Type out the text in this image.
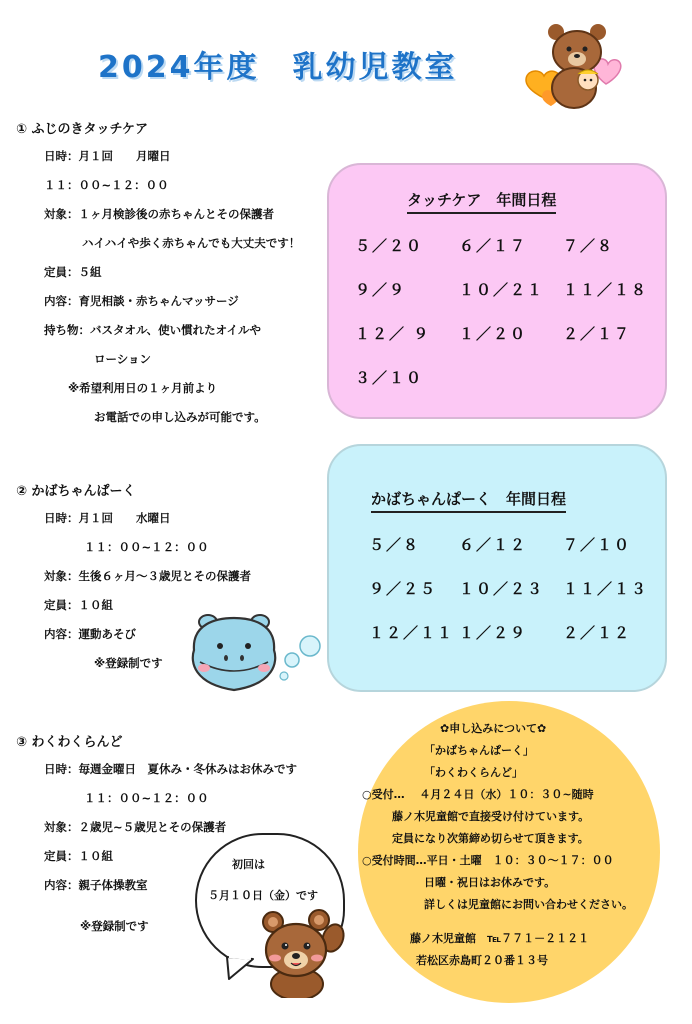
2024年度　乳幼児教室
① ふじのきタッチケア
日時：月１回　　月曜日
１１：００~１２：００
対象：１ヶ月検診後の赤ちゃんとその保護者
ハイハイや歩く赤ちゃんでも大丈夫です！
定員：５組
内容：育児相談・赤ちゃんマッサージ
持ち物：バスタオル、使い慣れたオイルや
ローション
※希望利用日の１ヶ月前より
お電話での申し込みが可能です。
タッチケア　年間日程
５／２０	６／１７	７／８
９／９	１０／２１	１１／１８
１２／ ９	１／２０	２／１７
３／１０
② かばちゃんぱーく
日時：月１回　　水曜日
１１：００~１２：００
対象：生後６ヶ月～３歳児とその保護者
定員：１０組
内容：運動あそび
※登録制です
かばちゃんぱーく　年間日程
５／８	６／１２	７／１０
９／２５	１０／２３	１１／１３
１２／１１ １／２９	２／１２
③ わくわくらんど
日時：毎週金曜日　夏休み・冬休みはお休みです
１１：００~１２：００
対象：２歳児~５歳児とその保護者
定員：１０組
内容：親子体操教室
※登録制です
✿申し込みについて✿
「かばちゃんぱーく」
「わくわくらんど」
○受付…　 ４月２４日（水）１０：３０~随時
藤ノ木児童館で直接受け付けています。
定員になり次第締め切らせて頂きます。
○受付時間…平日・土曜　１０：３０～１７：００
日曜・祝日はお休みです。
詳しくは児童館にお問い合わせください。
藤ノ木児童館　℡７７１－２１２１
若松区赤島町２０番１３号
初回は
５月１０日（金）です
